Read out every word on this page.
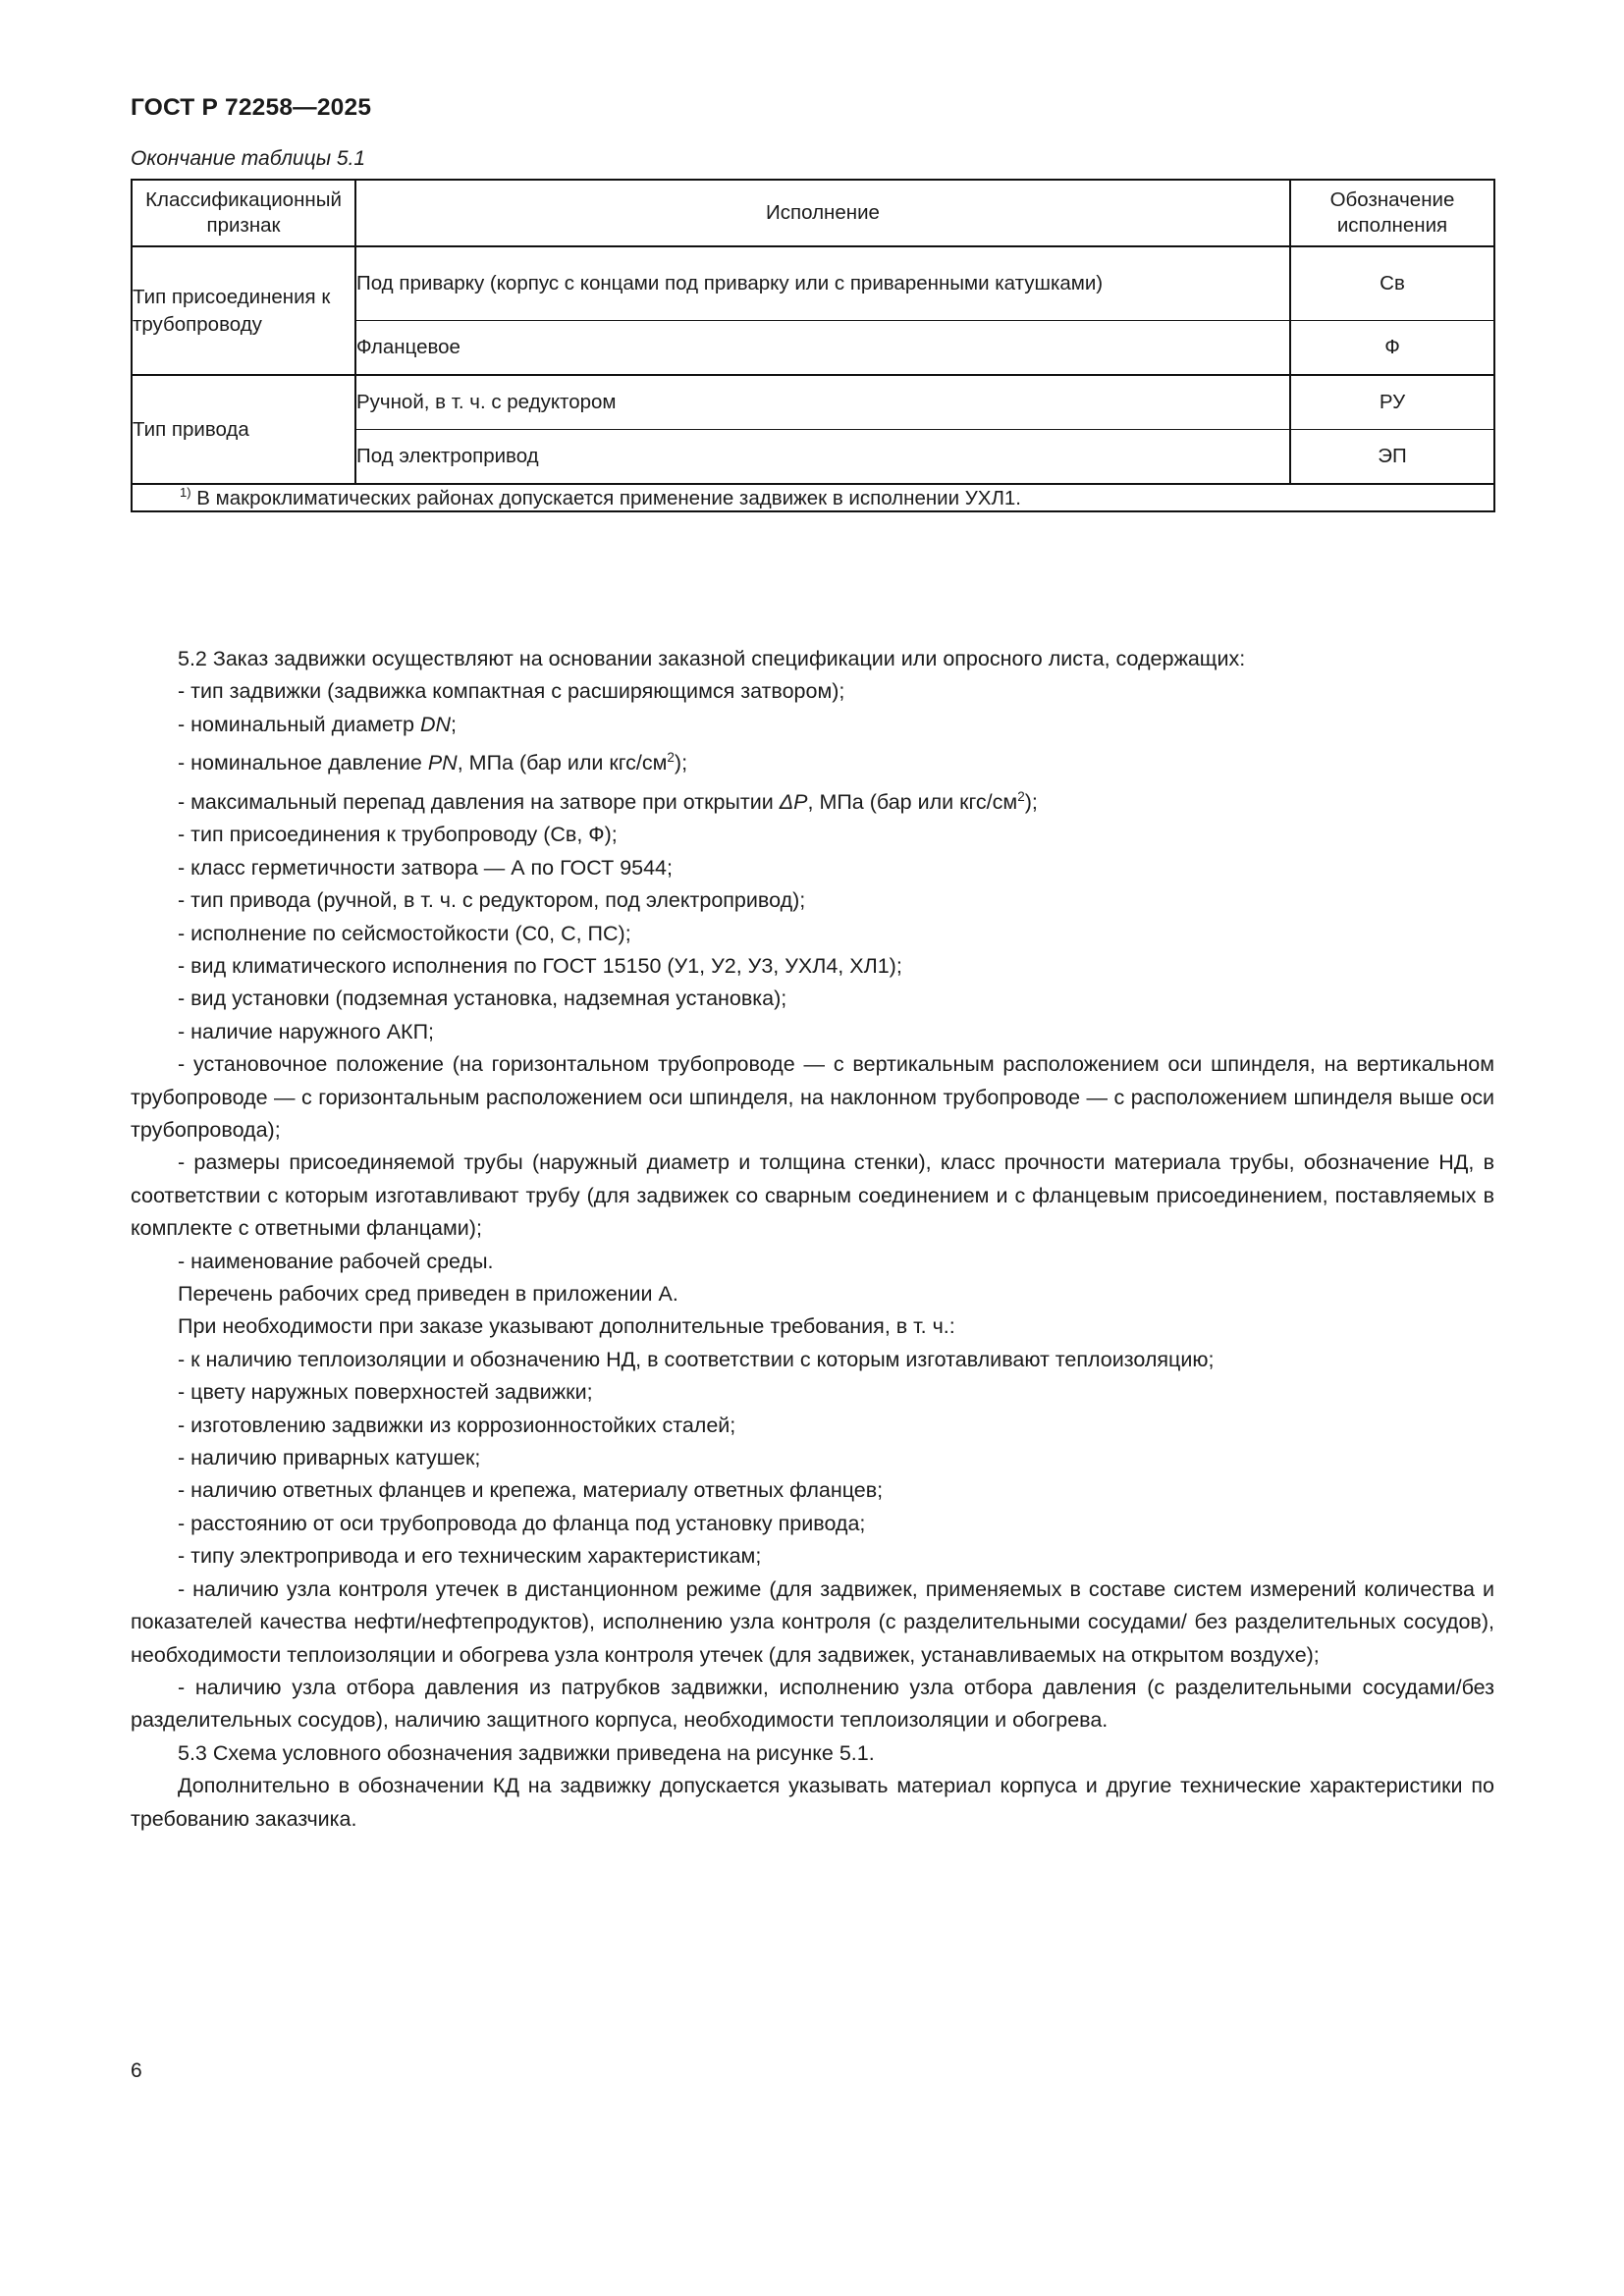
ГОСТ Р 72258—2025
Окончание таблицы 5.1
Классификационный признак	Исполнение	Обозначение исполнения
Тип присоединения к трубопроводу	Под приварку (корпус с концами под приварку или с приваренными катушками)	Св
	Фланцевое	Ф
Тип привода	Ручной, в т. ч. с редуктором	РУ
	Под электропривод	ЭП
$^{1)}$ В макроклиматических районах допускается применение задвижек в исполнении УХЛ1.		

5.2 Заказ задвижки осуществляют на основании заказной спецификации или опросного листа, содержащих:

- тип задвижки (задвижка компактная с расширяющимся затвором);

- номинальный диаметр DN;

- номинальное давление PN, МПа (бар или кгс/$см^2$);

- максимальный перепад давления на затворе при открытии ΔP, МПа (бар или кгс/$см^2$);

- тип присоединения к трубопроводу (Св, Ф);

- класс герметичности затвора — А по ГОСТ 9544;

- тип привода (ручной, в т. ч. с редуктором, под электропривод);

- исполнение по сейсмостойкости (С0, С, ПС);

- вид климатического исполнения по ГОСТ 15150 (У1, У2, У3, УХЛ4, ХЛ1);

- вид установки (подземная установка, надземная установка);

- наличие наружного АКП;

- установочное положение (на горизонтальном трубопроводе — с вертикальным расположением оси шпинделя, на вертикальном трубопроводе — с горизонтальным расположением оси шпинделя, на наклонном трубопроводе — с расположением шпинделя выше оси трубопровода);

- размеры присоединяемой трубы (наружный диаметр и толщина стенки), класс прочности материала трубы, обозначение НД, в соответствии с которым изготавливают трубу (для задвижек со сварным соединением и с фланцевым присоединением, поставляемых в комплекте с ответными фланцами);

- наименование рабочей среды.

Перечень рабочих сред приведен в приложении А.

При необходимости при заказе указывают дополнительные требования, в т. ч.:

- к наличию теплоизоляции и обозначению НД, в соответствии с которым изготавливают теплоизоляцию;

- цвету наружных поверхностей задвижки;

- изготовлению задвижки из коррозионностойких сталей;

- наличию приварных катушек;

- наличию ответных фланцев и крепежа, материалу ответных фланцев;

- расстоянию от оси трубопровода до фланца под установку привода;

- типу электропривода и его техническим характеристикам;

- наличию узла контроля утечек в дистанционном режиме (для задвижек, применяемых в составе систем измерений количества и показателей качества нефти/нефтепродуктов), исполнению узла контроля (с разделительными сосудами/ без разделительных сосудов), необходимости теплоизоляции и обогрева узла контроля утечек (для задвижек, устанавливаемых на открытом воздухе);

- наличию узла отбора давления из патрубков задвижки, исполнению узла отбора давления (с разделительными сосудами/без разделительных сосудов), наличию защитного корпуса, необходимости теплоизоляции и обогрева.

5.3 Схема условного обозначения задвижки приведена на рисунке 5.1.

Дополнительно в обозначении КД на задвижку допускается указывать материал корпуса и другие технические характеристики по требованию заказчика.

6
